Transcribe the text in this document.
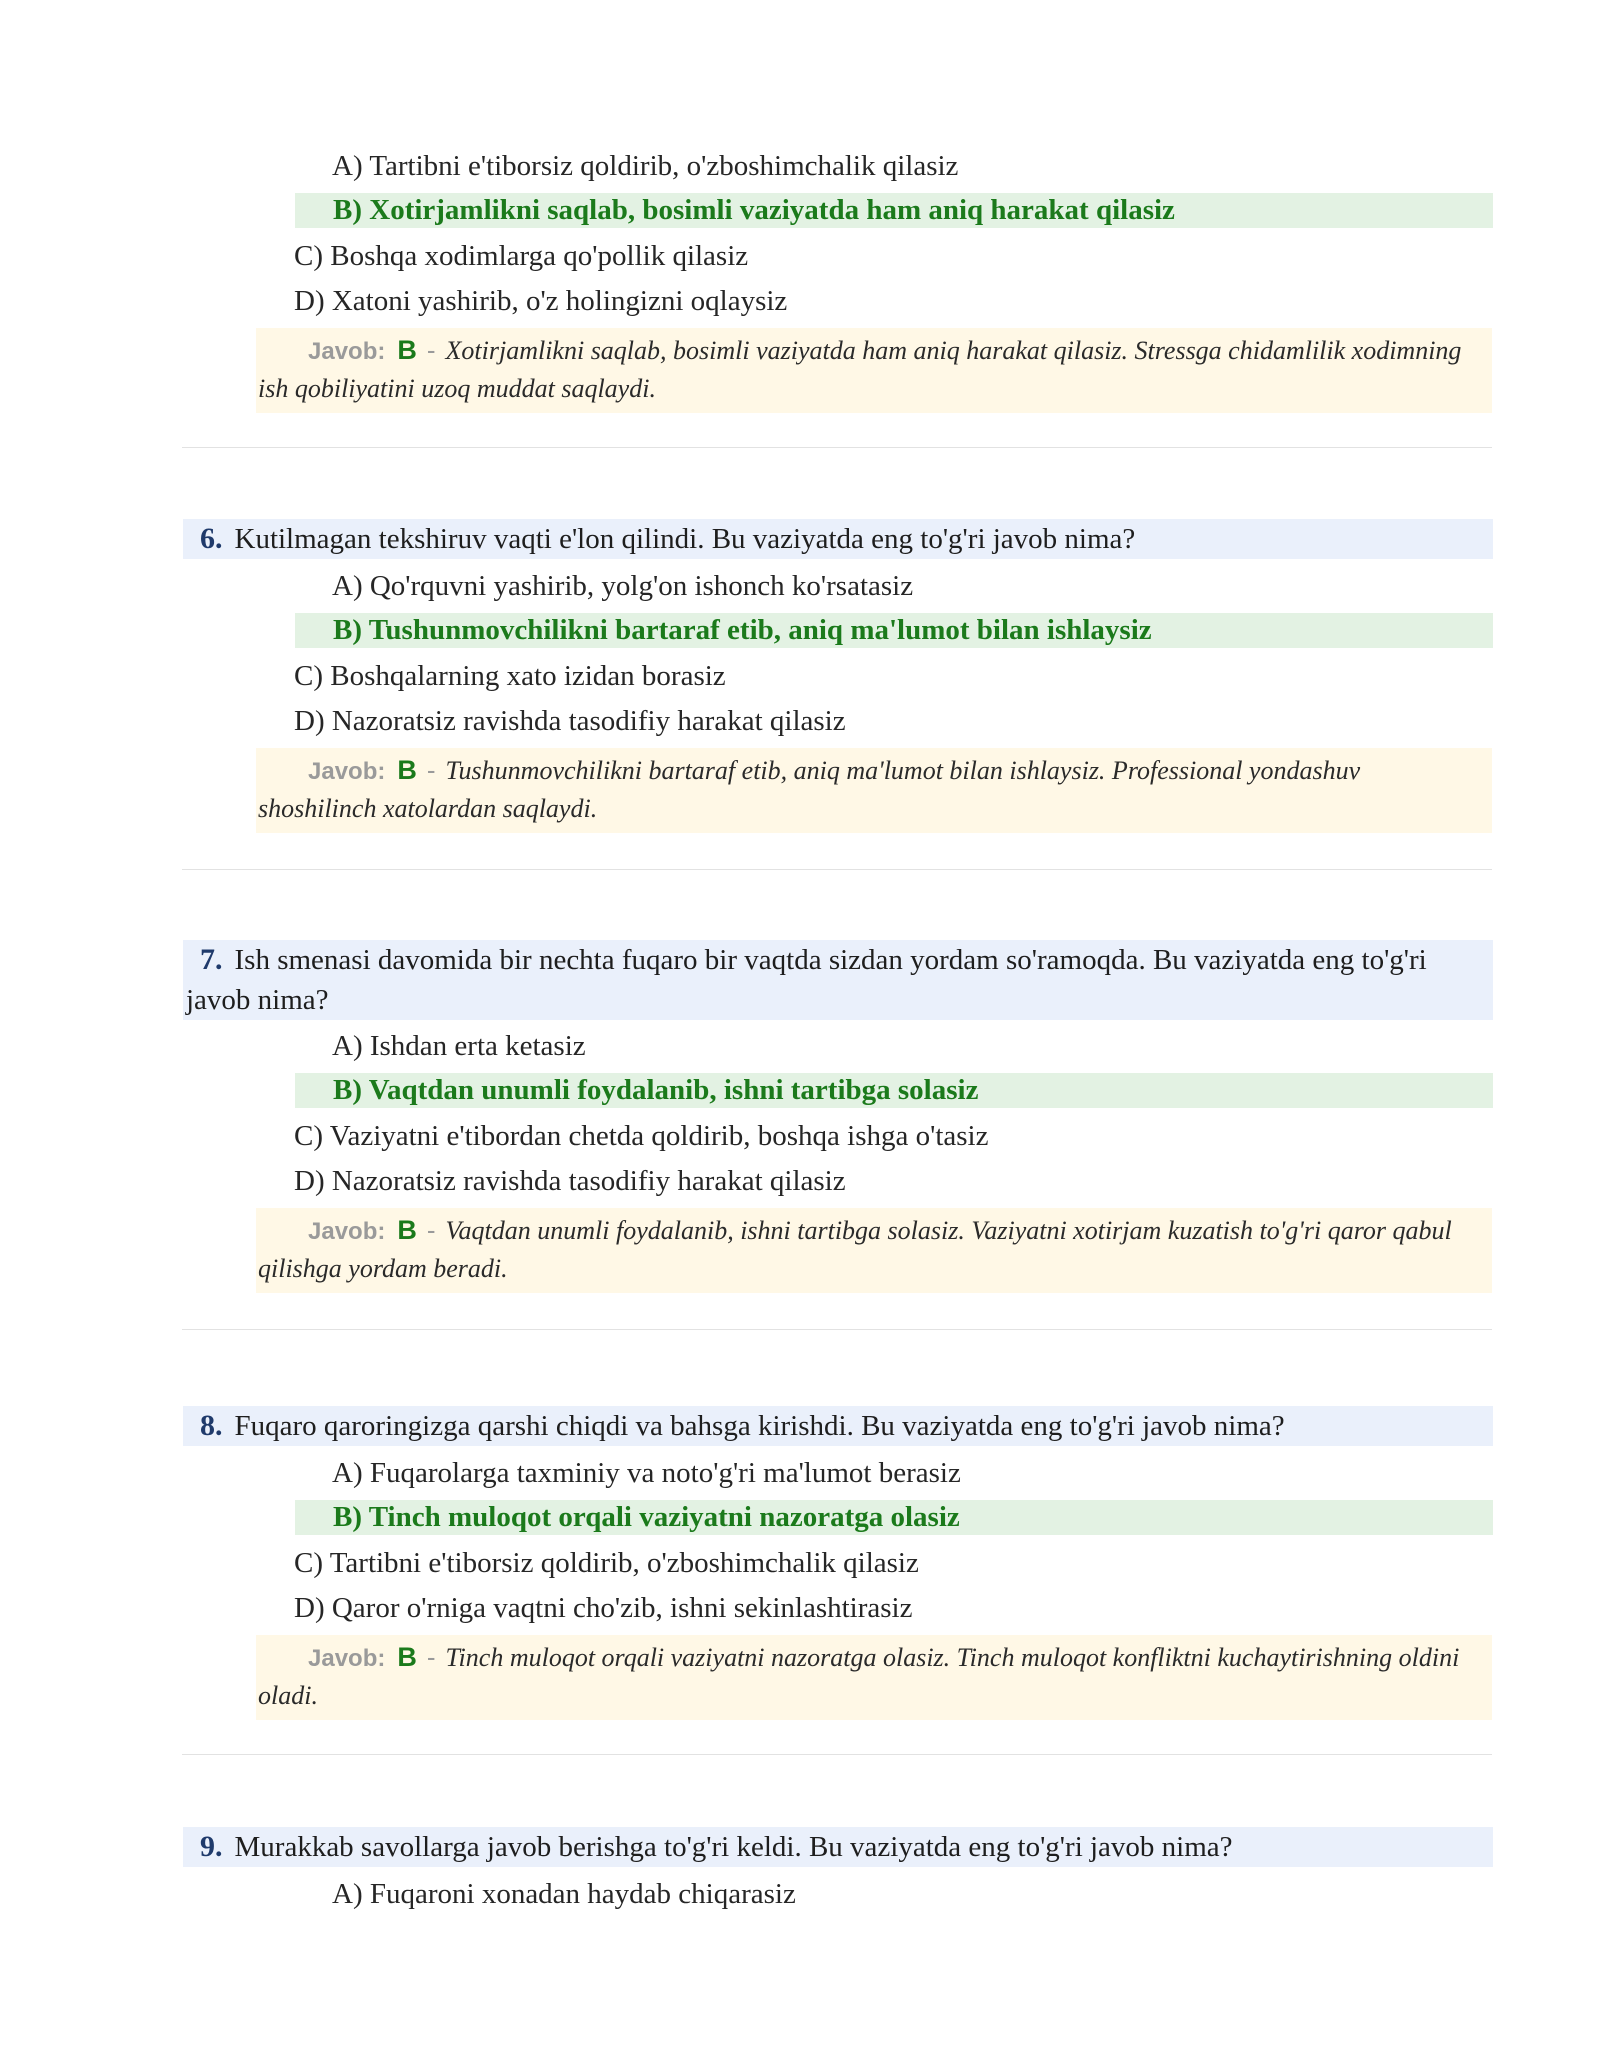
A) Tartibni e'tiborsiz qoldirib, o'zboshimchalik qilasiz
B) Xotirjamlikni saqlab, bosimli vaziyatda ham aniq harakat qilasiz
C) Boshqa xodimlarga qo'pollik qilasiz
D) Xatoni yashirib, o'z holingizni oqlaysiz
Javob: B - Xotirjamlikni saqlab, bosimli vaziyatda ham aniq harakat qilasiz. Stressga chidamlilik xodimning ish qobiliyatini uzoq muddat saqlaydi.
6. Kutilmagan tekshiruv vaqti e'lon qilindi. Bu vaziyatda eng to'g'ri javob nima?
A) Qo'rquvni yashirib, yolg'on ishonch ko'rsatasiz
B) Tushunmovchilikni bartaraf etib, aniq ma'lumot bilan ishlaysiz
C) Boshqalarning xato izidan borasiz
D) Nazoratsiz ravishda tasodifiy harakat qilasiz
Javob: B - Tushunmovchilikni bartaraf etib, aniq ma'lumot bilan ishlaysiz. Professional yondashuv shoshilinch xatolardan saqlaydi.
7. Ish smenasi davomida bir nechta fuqaro bir vaqtda sizdan yordam so'ramoqda. Bu vaziyatda eng to'g'ri javob nima?
A) Ishdan erta ketasiz
B) Vaqtdan unumli foydalanib, ishni tartibga solasiz
C) Vaziyatni e'tibordan chetda qoldirib, boshqa ishga o'tasiz
D) Nazoratsiz ravishda tasodifiy harakat qilasiz
Javob: B - Vaqtdan unumli foydalanib, ishni tartibga solasiz. Vaziyatni xotirjam kuzatish to'g'ri qaror qabul qilishga yordam beradi.
8. Fuqaro qaroringizga qarshi chiqdi va bahsga kirishdi. Bu vaziyatda eng to'g'ri javob nima?
A) Fuqarolarga taxminiy va noto'g'ri ma'lumot berasiz
B) Tinch muloqot orqali vaziyatni nazoratga olasiz
C) Tartibni e'tiborsiz qoldirib, o'zboshimchalik qilasiz
D) Qaror o'rniga vaqtni cho'zib, ishni sekinlashtirasiz
Javob: B - Tinch muloqot orqali vaziyatni nazoratga olasiz. Tinch muloqot konfliktni kuchaytirishning oldini oladi.
9. Murakkab savollarga javob berishga to'g'ri keldi. Bu vaziyatda eng to'g'ri javob nima?
A) Fuqaroni xonadan haydab chiqarasiz
